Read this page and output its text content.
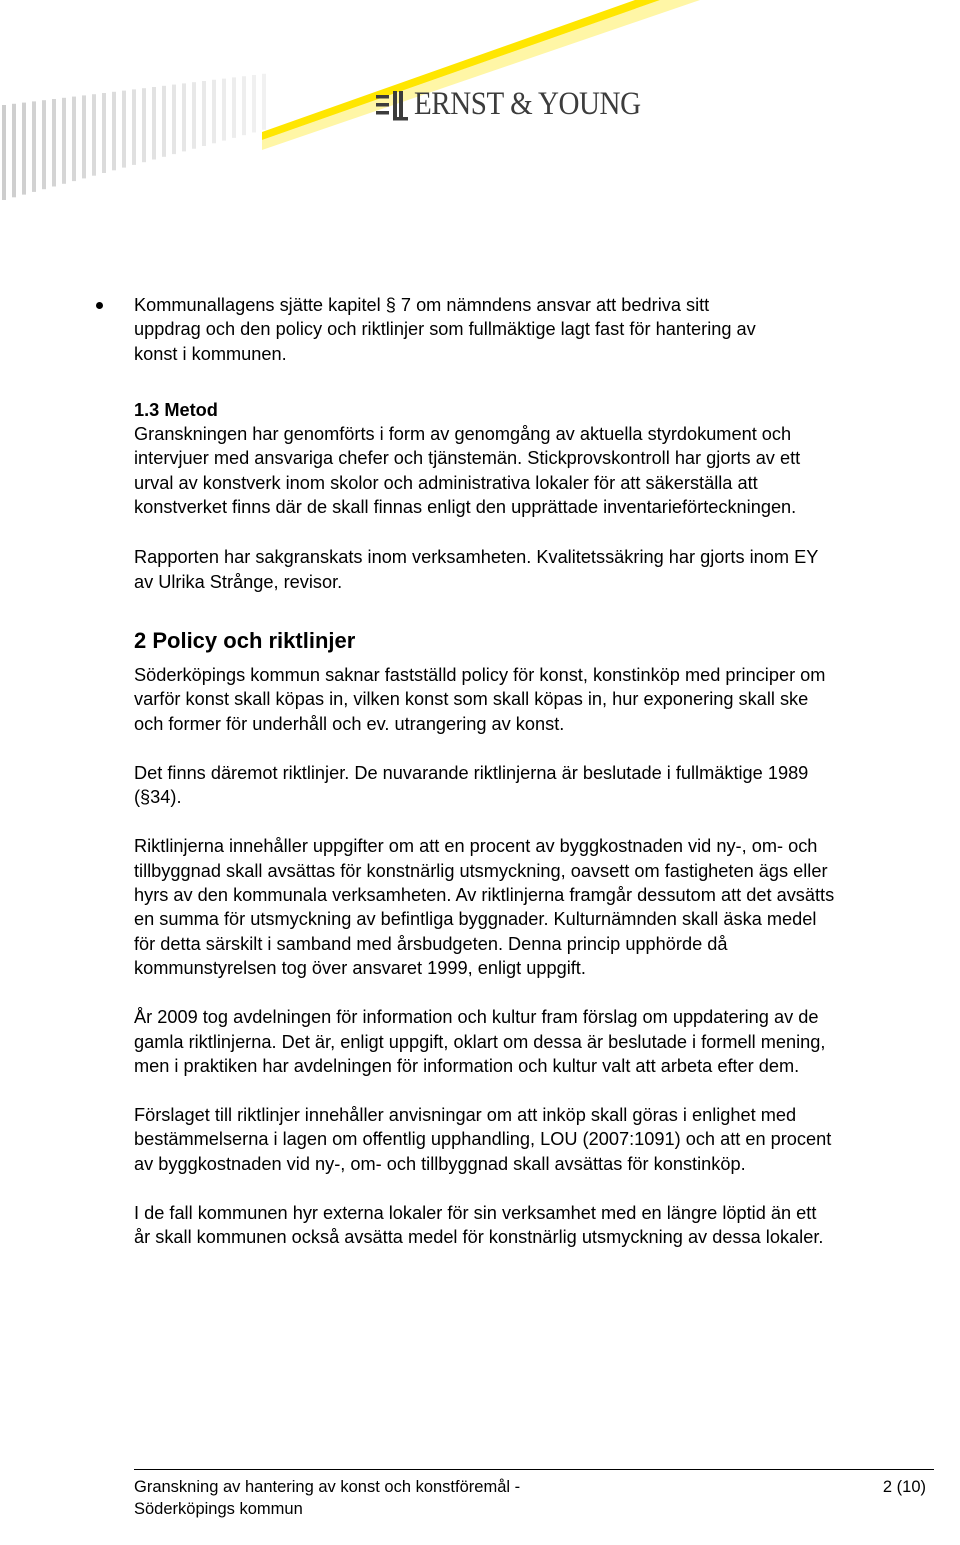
ERNST & YOUNG
Kommunallagens sjätte kapitel § 7 om nämndens ansvar att bedriva sitt
uppdrag och den policy och riktlinjer som fullmäktige lagt fast för hantering av
konst i kommunen.
1.3 Metod

Granskningen har genomförts i form av genomgång av aktuella styrdokument och
intervjuer med ansvariga chefer och tjänstemän. Stickprovskontroll har gjorts av ett
urval av konstverk inom skolor och administrativa lokaler för att säkerställa att
konstverket finns där de skall finnas enligt den upprättade inventarieförteckningen.

Rapporten har sakgranskats inom verksamheten. Kvalitetssäkring har gjorts inom EY
av Ulrika Strånge, revisor.

2 Policy och riktlinjer

Söderköpings kommun saknar fastställd policy för konst, konstinköp med principer om
varför konst skall köpas in, vilken konst som skall köpas in, hur exponering skall ske
och former för underhåll och ev. utrangering av konst.

Det finns däremot riktlinjer. De nuvarande riktlinjerna är beslutade i fullmäktige 1989
(§34).

Riktlinjerna innehåller uppgifter om att en procent av byggkostnaden vid ny-, om- och
tillbyggnad skall avsättas för konstnärlig utsmyckning, oavsett om fastigheten ägs eller
hyrs av den kommunala verksamheten. Av riktlinjerna framgår dessutom att det avsätts
en summa för utsmyckning av befintliga byggnader. Kulturnämnden skall äska medel
för detta särskilt i samband med årsbudgeten. Denna princip upphörde då
kommunstyrelsen tog över ansvaret 1999, enligt uppgift.

År 2009 tog avdelningen för information och kultur fram förslag om uppdatering av de
gamla riktlinjerna. Det är, enligt uppgift, oklart om dessa är beslutade i formell mening,
men i praktiken har avdelningen för information och kultur valt att arbeta efter dem.

Förslaget till riktlinjer innehåller anvisningar om att inköp skall göras i enlighet med
bestämmelserna i lagen om offentlig upphandling, LOU (2007:1091) och att en procent
av byggkostnaden vid ny-, om- och tillbyggnad skall avsättas för konstinköp.

I de fall kommunen hyr externa lokaler för sin verksamhet med en längre löptid än ett
år skall kommunen också avsätta medel för konstnärlig utsmyckning av dessa lokaler.

Granskning av hantering av konst och konstföremål -
Söderköpings kommun
2 (10)
